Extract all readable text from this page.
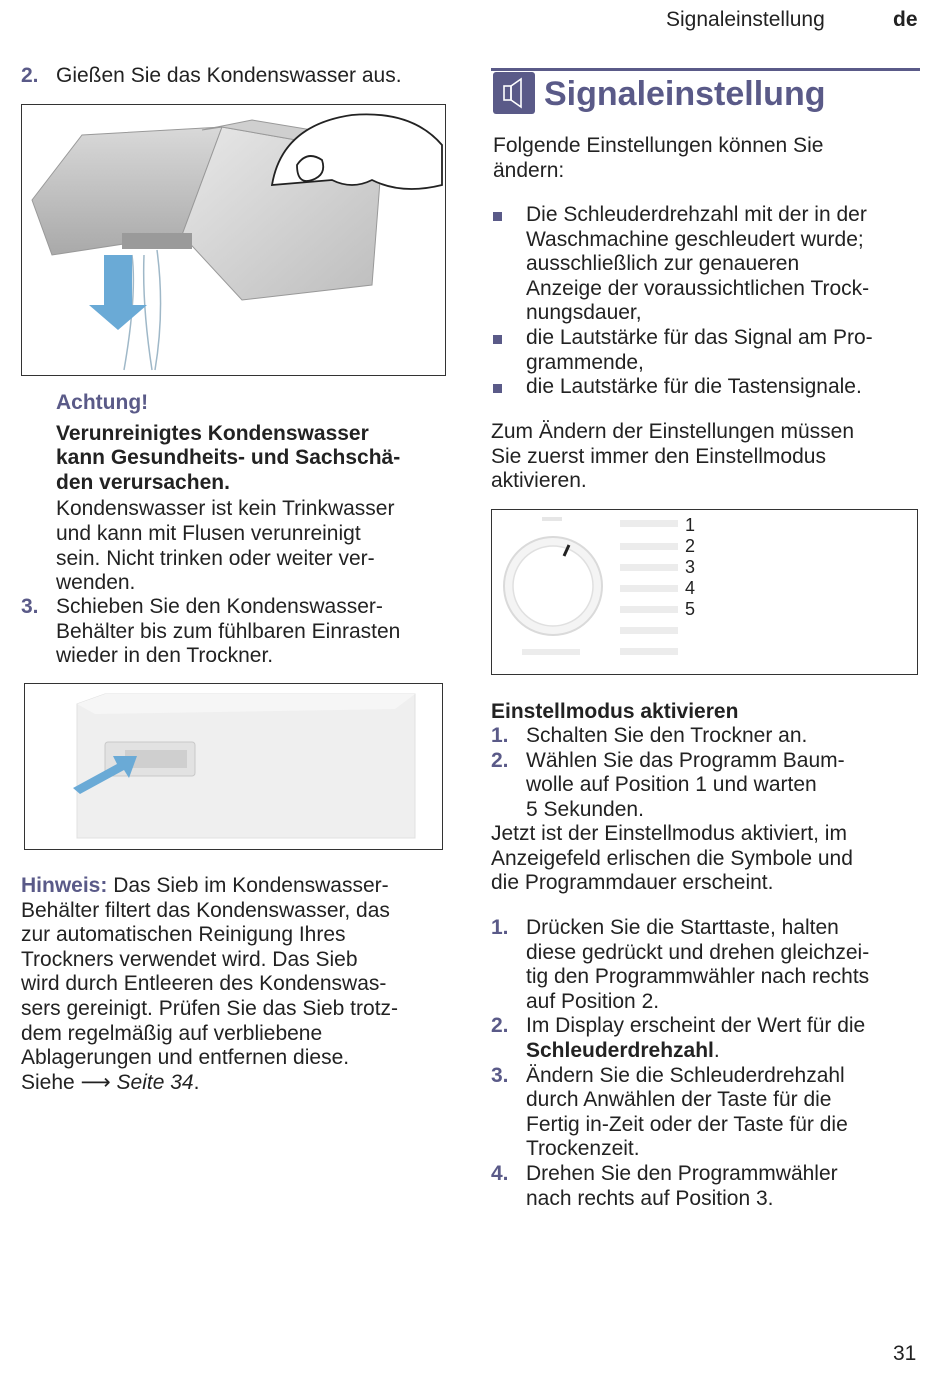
Signaleinstellung	de
2. Gießen Sie das Kondenswasser aus.
Achtung!
Verunreinigtes Kondenswasser
kann Gesundheits- und Sachschä-
den verursachen.
Kondenswasser ist kein Trinkwasser
und kann mit Flusen verunreinigt
sein. Nicht trinken oder weiter ver-
wenden.
3. Schieben Sie den Kondenswasser-
Behälter bis zum fühlbaren Einrasten
wieder in den Trockner.
Hinweis: Das Sieb im Kondenswasser-
Behälter filtert das Kondenswasser, das
zur automatischen Reinigung Ihres
Trockners verwendet wird. Das Sieb
wird durch Entleeren des Kondenswas-
sers gereinigt. Prüfen Sie das Sieb trotz-
dem regelmäßig auf verbliebene
Ablagerungen und entfernen diese.
Siehe ⟶ Seite 34.
Signaleinstellung
Folgende Einstellungen können Sie
ändern:
Die Schleuderdrehzahl mit der in der
Waschmachine geschleudert wurde;
ausschließlich zur genaueren
Anzeige der voraussichtlichen Trock-
nungsdauer,
die Lautstärke für das Signal am Pro-
grammende,
die Lautstärke für die Tastensignale.
Zum Ändern der Einstellungen müssen
Sie zuerst immer den Einstellmodus
aktivieren.
1
2
3
4
5
Einstellmodus aktivieren
1. Schalten Sie den Trockner an.
2. Wählen Sie das Programm Baum-
wolle auf Position 1 und warten
5 Sekunden.
Jetzt ist der Einstellmodus aktiviert, im
Anzeigefeld erlischen die Symbole und
die Programmdauer erscheint.
1. Drücken Sie die Starttaste, halten
diese gedrückt und drehen gleichzei-
tig den Programmwähler nach rechts
auf Position 2.
2. Im Display erscheint der Wert für die
Schleuderdrehzahl.
3. Ändern Sie die Schleuderdrehzahl
durch Anwählen der Taste für die
Fertig in-Zeit oder der Taste für die
Trockenzeit.
4. Drehen Sie den Programmwähler
nach rechts auf Position 3.
31
